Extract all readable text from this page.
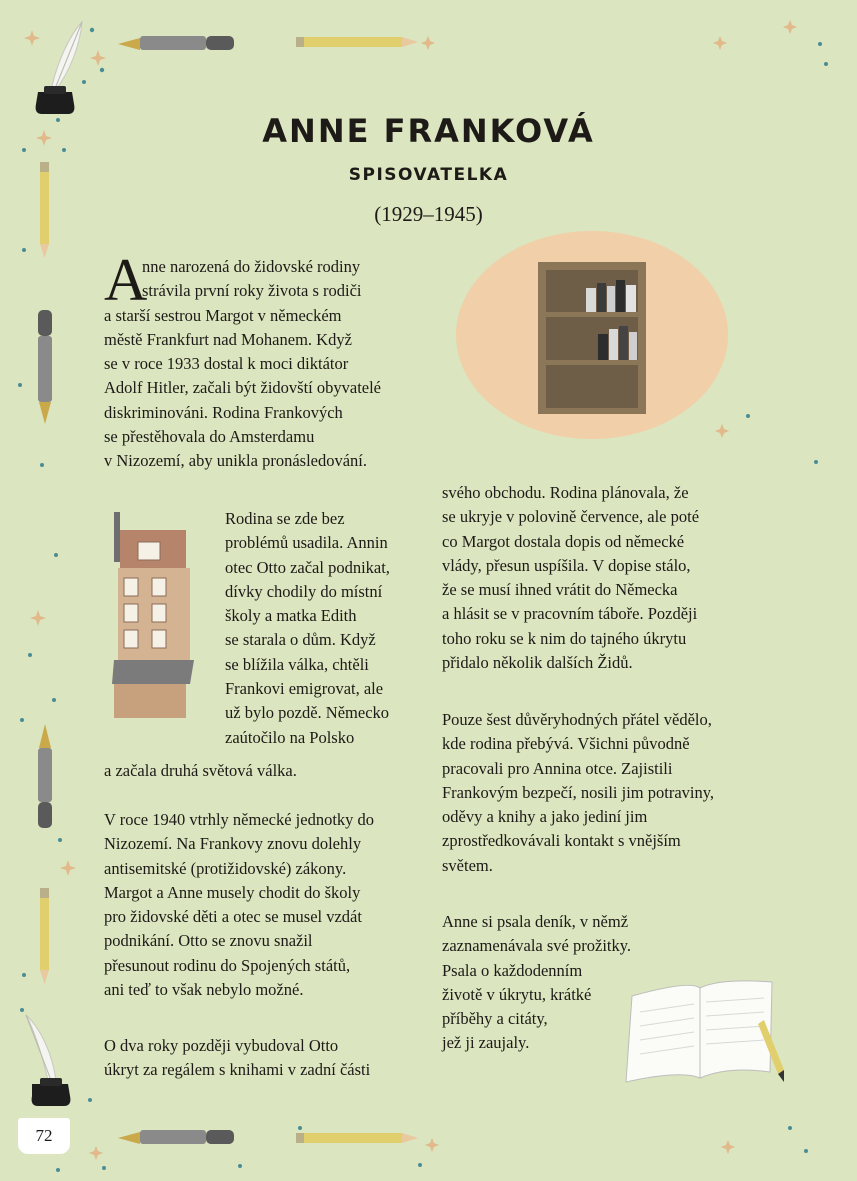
ANNE FRANKOVÁ
SPISOVATELKA
(1929–1945)
A
nne narozená do židovské rodiny
strávila první roky života s rodiči
a starší sestrou Margot v německém
městě Frankfurt nad Mohanem. Když
se v roce 1933 dostal k moci diktátor
Adolf Hitler, začali být židovští obyvatelé
diskriminováni. Rodina Frankových
se přestěhovala do Amsterdamu
v Nizozemí, aby unikla pronásledování.
Rodina se zde bez
problémů usadila. Annin
otec Otto začal podnikat,
dívky chodily do místní
školy a matka Edith
se starala o dům. Když
se blížila válka, chtěli
Frankovi emigrovat, ale
už bylo pozdě. Německo
zaútočilo na Polsko
a začala druhá světová válka.
V roce 1940 vtrhly německé jednotky do
Nizozemí. Na Frankovy znovu dolehly
antisemitské (protižidovské) zákony.
Margot a Anne musely chodit do školy
pro židovské děti a otec se musel vzdát
podnikání. Otto se znovu snažil
přesunout rodinu do Spojených států,
ani teď to však nebylo možné.
O dva roky později vybudoval Otto
úkryt za regálem s knihami v zadní části
svého obchodu. Rodina plánovala, že
se ukryje v polovině července, ale poté
co Margot dostala dopis od německé
vlády, přesun uspíšila. V dopise stálo,
že se musí ihned vrátit do Německa
a hlásit se v pracovním táboře. Později
toho roku se k nim do tajného úkrytu
přidalo několik dalších Židů.
Pouze šest důvěryhodných přátel vědělo,
kde rodina přebývá. Všichni původně
pracovali pro Annina otce. Zajistili
Frankovým bezpečí, nosili jim potraviny,
oděvy a knihy a jako jediní jim
zprostředkovávali kontakt s vnějším
světem.
Anne si psala deník, v němž
zaznamenávala své prožitky.
Psala o každodenním
životě v úkrytu, krátké
příběhy a citáty,
jež ji zaujaly.
72
